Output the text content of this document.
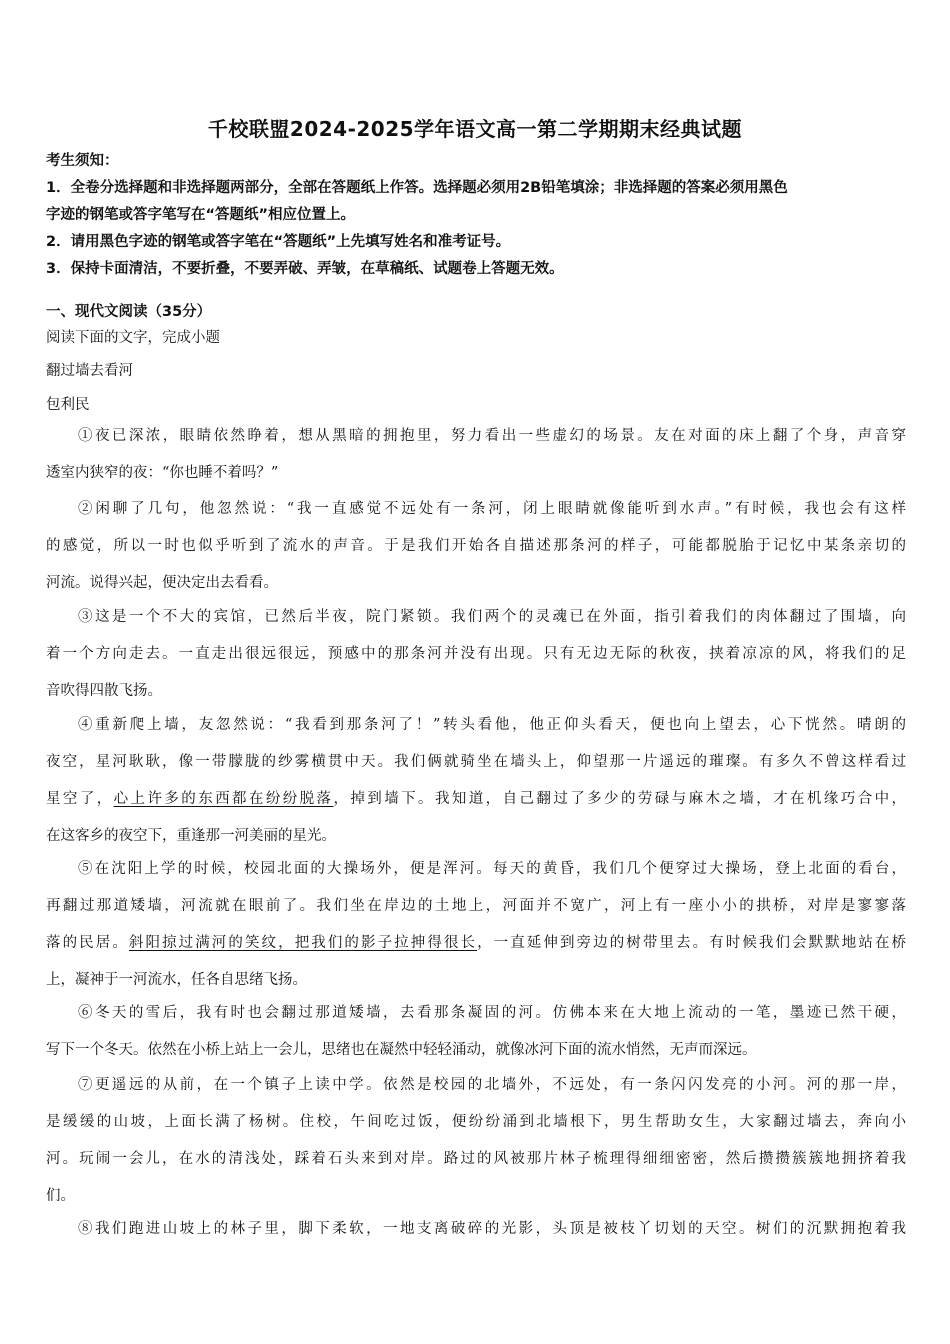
千校联盟2024-2025学年语文高一第二学期期末经典试题
考生须知：
1．全卷分选择题和非选择题两部分，全部在答题纸上作答。选择题必须用2B铅笔填涂；非选择题的答案必须用黑色
字迹的钢笔或答字笔写在“答题纸”相应位置上。
2．请用黑色字迹的钢笔或答字笔在“答题纸”上先填写姓名和准考证号。
3．保持卡面清洁，不要折叠，不要弄破、弄皱，在草稿纸、试题卷上答题无效。
一、现代文阅读（35分）
阅读下面的文字，完成小题
翻过墙去看河
包利民
①夜已深浓，眼睛依然睁着，想从黑暗的拥抱里，努力看出一些虚幻的场景。友在对面的床上翻了个身，声音穿
透室内狭窄的夜：“你也睡不着吗？”
②闲聊了几句，他忽然说：“我一直感觉不远处有一条河，闭上眼睛就像能听到水声。”有时候，我也会有这样
的感觉，所以一时也似乎听到了流水的声音。于是我们开始各自描述那条河的样子，可能都脱胎于记忆中某条亲切的
河流。说得兴起，便决定出去看看。
③这是一个不大的宾馆，已然后半夜，院门紧锁。我们两个的灵魂已在外面，指引着我们的肉体翻过了围墙，向
着一个方向走去。一直走出很远很远，预感中的那条河并没有出现。只有无边无际的秋夜，挟着凉凉的风，将我们的足
音吹得四散飞扬。
④重新爬上墙，友忽然说：“我看到那条河了！”转头看他，他正仰头看天，便也向上望去，心下恍然。晴朗的
夜空，星河耿耿，像一带朦胧的纱雾横贯中天。我们俩就骑坐在墙头上，仰望那一片遥远的璀璨。有多久不曾这样看过
星空了，心上许多的东西都在纷纷脱落，掉到墙下。我知道，自己翻过了多少的劳碌与麻木之墙，才在机缘巧合中，
在这客乡的夜空下，重逢那一河美丽的星光。
⑤在沈阳上学的时候，校园北面的大操场外，便是浑河。每天的黄昏，我们几个便穿过大操场，登上北面的看台，
再翻过那道矮墙，河流就在眼前了。我们坐在岸边的土地上，河面并不宽广，河上有一座小小的拱桥，对岸是寥寥落
落的民居。斜阳掠过满河的笑纹，把我们的影子拉抻得很长，一直延伸到旁边的树带里去。有时候我们会默默地站在桥
上，凝神于一河流水，任各自思绪飞扬。
⑥冬天的雪后，我有时也会翻过那道矮墙，去看那条凝固的河。仿佛本来在大地上流动的一笔，墨迹已然干硬，
写下一个冬天。依然在小桥上站上一会儿，思绪也在凝然中轻轻涌动，就像冰河下面的流水悄然，无声而深远。
⑦更遥远的从前，在一个镇子上读中学。依然是校园的北墙外，不远处，有一条闪闪发亮的小河。河的那一岸，
是缓缓的山坡，上面长满了杨树。住校，午间吃过饭，便纷纷涌到北墙根下，男生帮助女生，大家翻过墙去，奔向小
河。玩闹一会儿，在水的清浅处，踩着石头来到对岸。路过的风被那片林子梳理得细细密密，然后攒攒簇簇地拥挤着我
们。
⑧我们跑进山坡上的林子里，脚下柔软，一地支离破碎的光影，头顶是被枝丫切划的天空。树们的沉默拥抱着我
